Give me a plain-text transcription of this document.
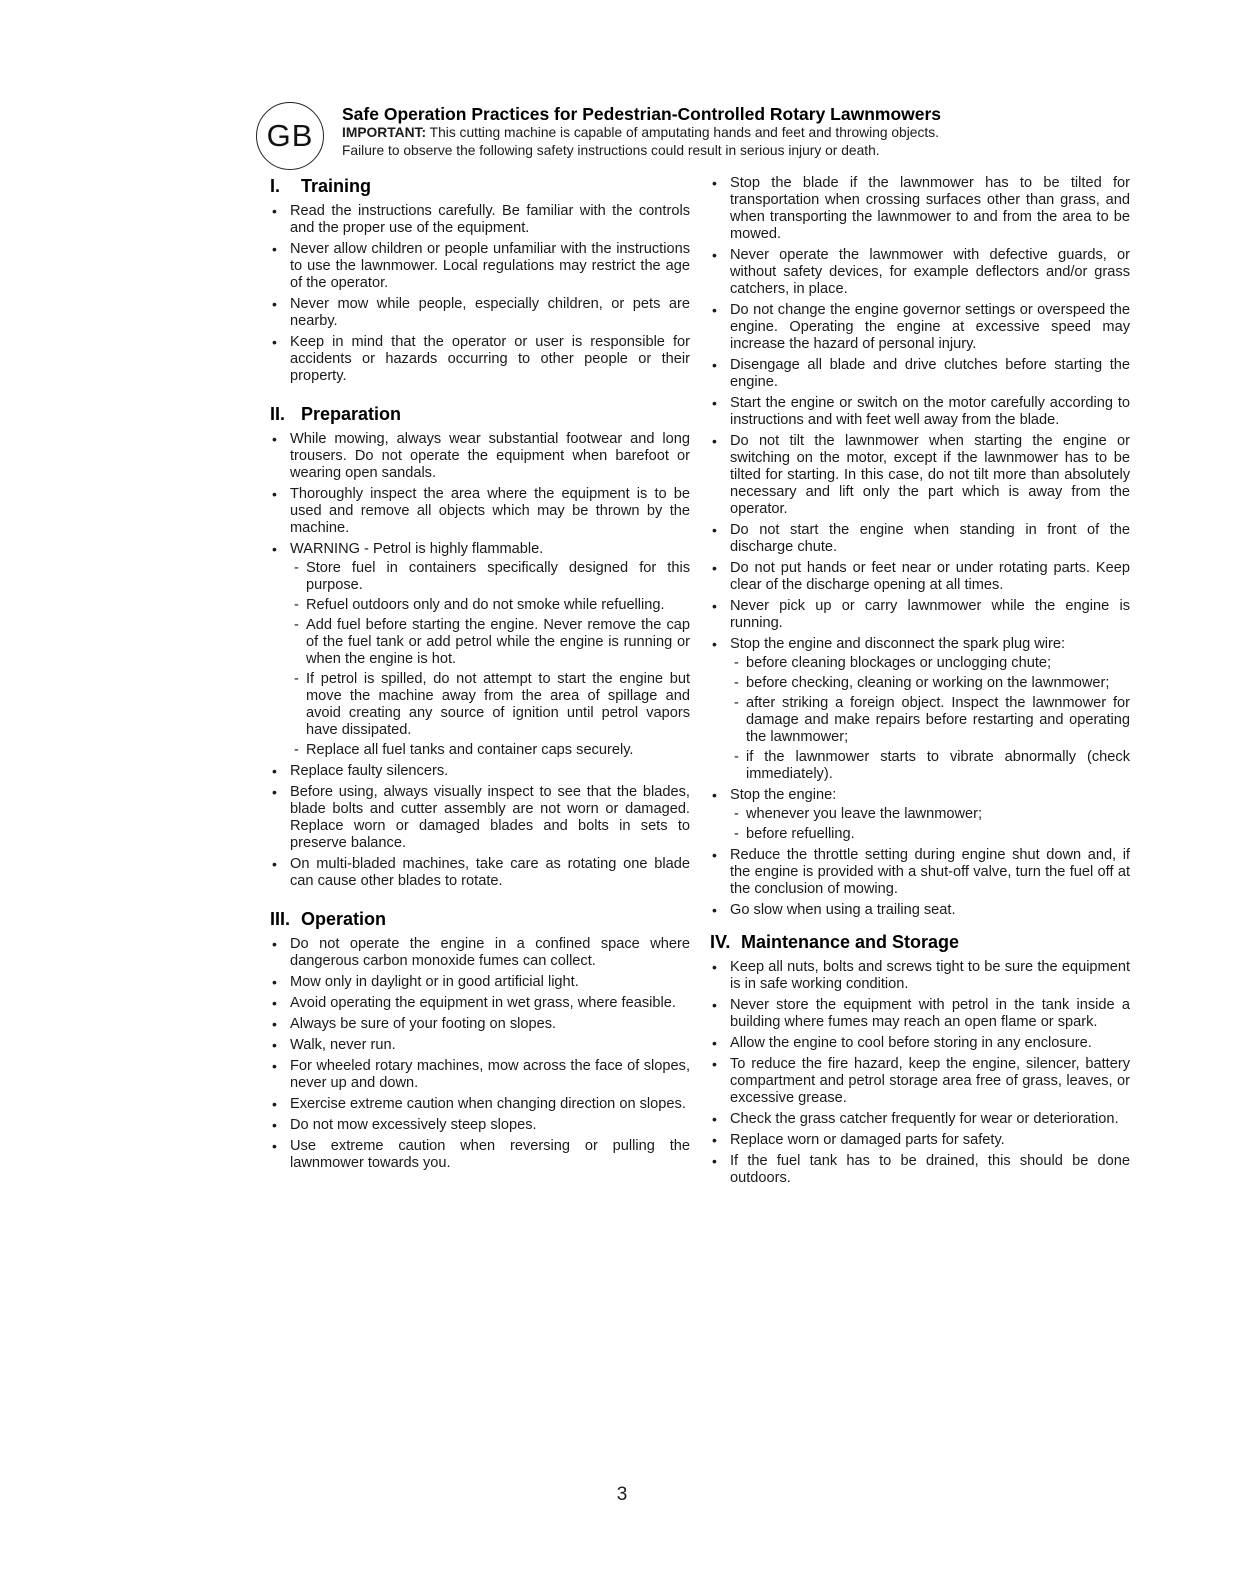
GB
Safe Operation Practices for Pedestrian-Controlled Rotary Lawnmowers
IMPORTANT: This cutting machine is capable of amputating hands and feet and throwing objects.
Failure to observe the following safety instructions could result in serious injury or death.
I. Training
• Read the instructions carefully. Be familiar with the controls and the proper use of the equipment.
• Never allow children or people unfamiliar with the instructions to use the lawnmower. Local regulations may restrict the age of the operator.
• Never mow while people, especially children, or pets are nearby.
• Keep in mind that the operator or user is responsible for accidents or hazards occurring to other people or their property.
II. Preparation
• While mowing, always wear substantial footwear and long trousers. Do not operate the equipment when barefoot or wearing open sandals.
• Thoroughly inspect the area where the equipment is to be used and remove all objects which may be thrown by the machine.
• WARNING - Petrol is highly flammable.
- Store fuel in containers specifically designed for this purpose.
- Refuel outdoors only and do not smoke while refuelling.
- Add fuel before starting the engine. Never remove the cap of the fuel tank or add petrol while the engine is running or when the engine is hot.
- If petrol is spilled, do not attempt to start the engine but move the machine away from the area of spillage and avoid creating any source of ignition until petrol vapors have dissipated.
- Replace all fuel tanks and container caps securely.
• Replace faulty silencers.
• Before using, always visually inspect to see that the blades, blade bolts and cutter assembly are not worn or damaged. Replace worn or damaged blades and bolts in sets to preserve balance.
• On multi-bladed machines, take care as rotating one blade can cause other blades to rotate.
III. Operation
• Do not operate the engine in a confined space where dangerous carbon monoxide fumes can collect.
• Mow only in daylight or in good artificial light.
• Avoid operating the equipment in wet grass, where feasible.
• Always be sure of your footing on slopes.
• Walk, never run.
• For wheeled rotary machines, mow across the face of slopes, never up and down.
• Exercise extreme caution when changing direction on slopes.
• Do not mow excessively steep slopes.
• Use extreme caution when reversing or pulling the lawnmower towards you.
• Stop the blade if the lawnmower has to be tilted for transportation when crossing surfaces other than grass, and when transporting the lawnmower to and from the area to be mowed.
• Never operate the lawnmower with defective guards, or without safety devices, for example deflectors and/or grass catchers, in place.
• Do not change the engine governor settings or overspeed the engine. Operating the engine at excessive speed may increase the hazard of personal injury.
• Disengage all blade and drive clutches before starting the engine.
• Start the engine or switch on the motor carefully according to instructions and with feet well away from the blade.
• Do not tilt the lawnmower when starting the engine or switching on the motor, except if the lawnmower has to be tilted for starting. In this case, do not tilt more than absolutely necessary and lift only the part which is away from the operator.
• Do not start the engine when standing in front of the discharge chute.
• Do not put hands or feet near or under rotating parts. Keep clear of the discharge opening at all times.
• Never pick up or carry lawnmower while the engine is running.
• Stop the engine and disconnect the spark plug wire:
- before cleaning blockages or unclogging chute;
- before checking, cleaning or working on the lawnmower;
- after striking a foreign object. Inspect the lawnmower for damage and make repairs before restarting and operating the lawnmower;
- if the lawnmower starts to vibrate abnormally (check immediately).
• Stop the engine:
- whenever you leave the lawnmower;
- before refuelling.
• Reduce the throttle setting during engine shut down and, if the engine is provided with a shut-off valve, turn the fuel off at the conclusion of mowing.
• Go slow when using a trailing seat.
IV. Maintenance and Storage
• Keep all nuts, bolts and screws tight to be sure the equipment is in safe working condition.
• Never store the equipment with petrol in the tank inside a building where fumes may reach an open flame or spark.
• Allow the engine to cool before storing in any enclosure.
• To reduce the fire hazard, keep the engine, silencer, battery compartment and petrol storage area free of grass, leaves, or excessive grease.
• Check the grass catcher frequently for wear or deterioration.
• Replace worn or damaged parts for safety.
• If the fuel tank has to be drained, this should be done outdoors.
3
